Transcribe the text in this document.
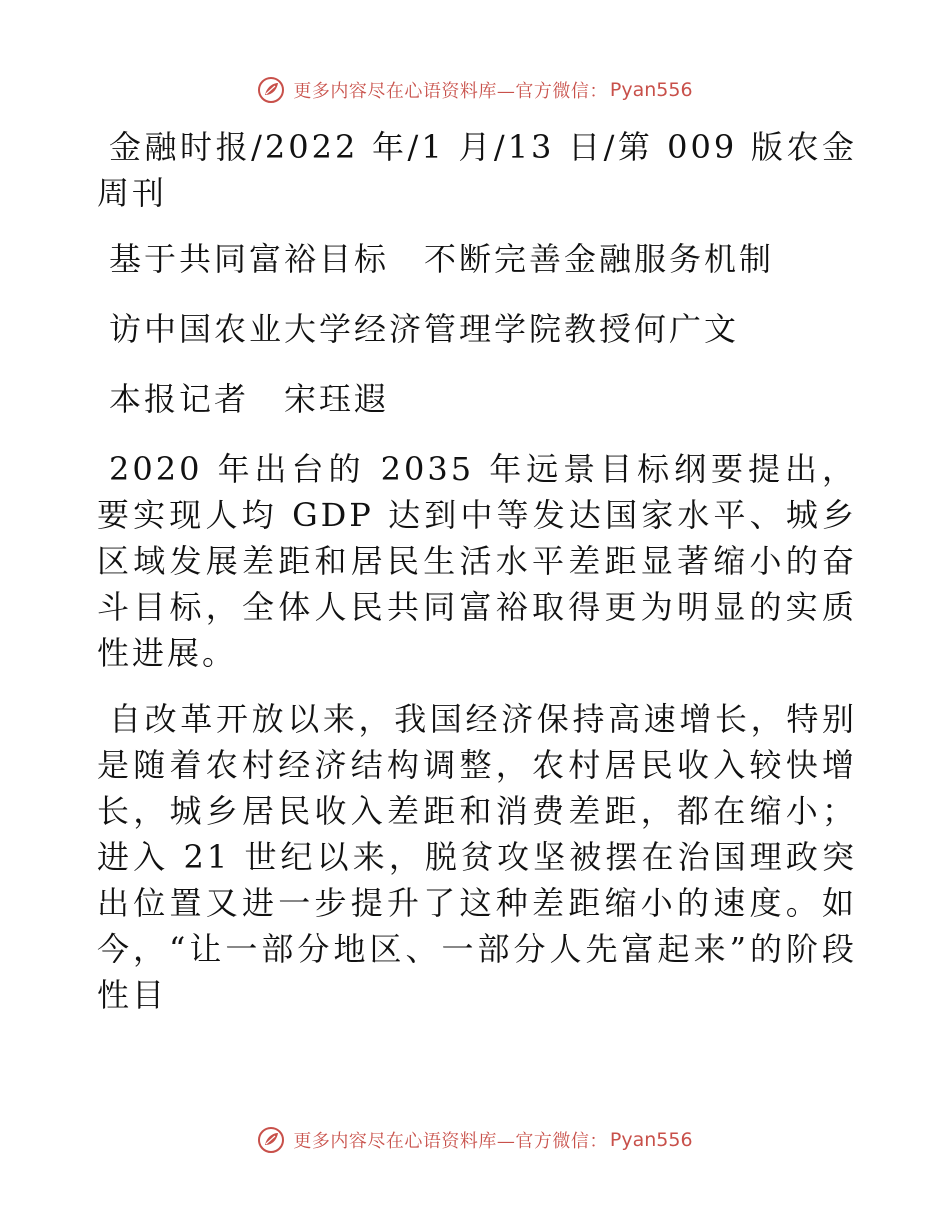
更多内容尽在心语资料库—官方微信： Pyan556

金融时报/2022 年/1 月/13 日/第 009 版农金周刊

基于共同富裕目标　不断完善金融服务机制

访中国农业大学经济管理学院教授何广文

本报记者　宋珏遐

2020 年出台的 2035 年远景目标纲要提出，要实现人均 GDP 达到中等发达国家水平、城乡区域发展差距和居民生活水平差距显著缩小的奋斗目标，全体人民共同富裕取得更为明显的实质性进展。

自改革开放以来，我国经济保持高速增长，特别是随着农村经济结构调整，农村居民收入较快增长，城乡居民收入差距和消费差距，都在缩小；进入 21 世纪以来，脱贫攻坚被摆在治国理政突出位置又进一步提升了这种差距缩小的速度。如今，“让一部分地区、一部分人先富起来”的阶段性目

更多内容尽在心语资料库—官方微信： Pyan556
